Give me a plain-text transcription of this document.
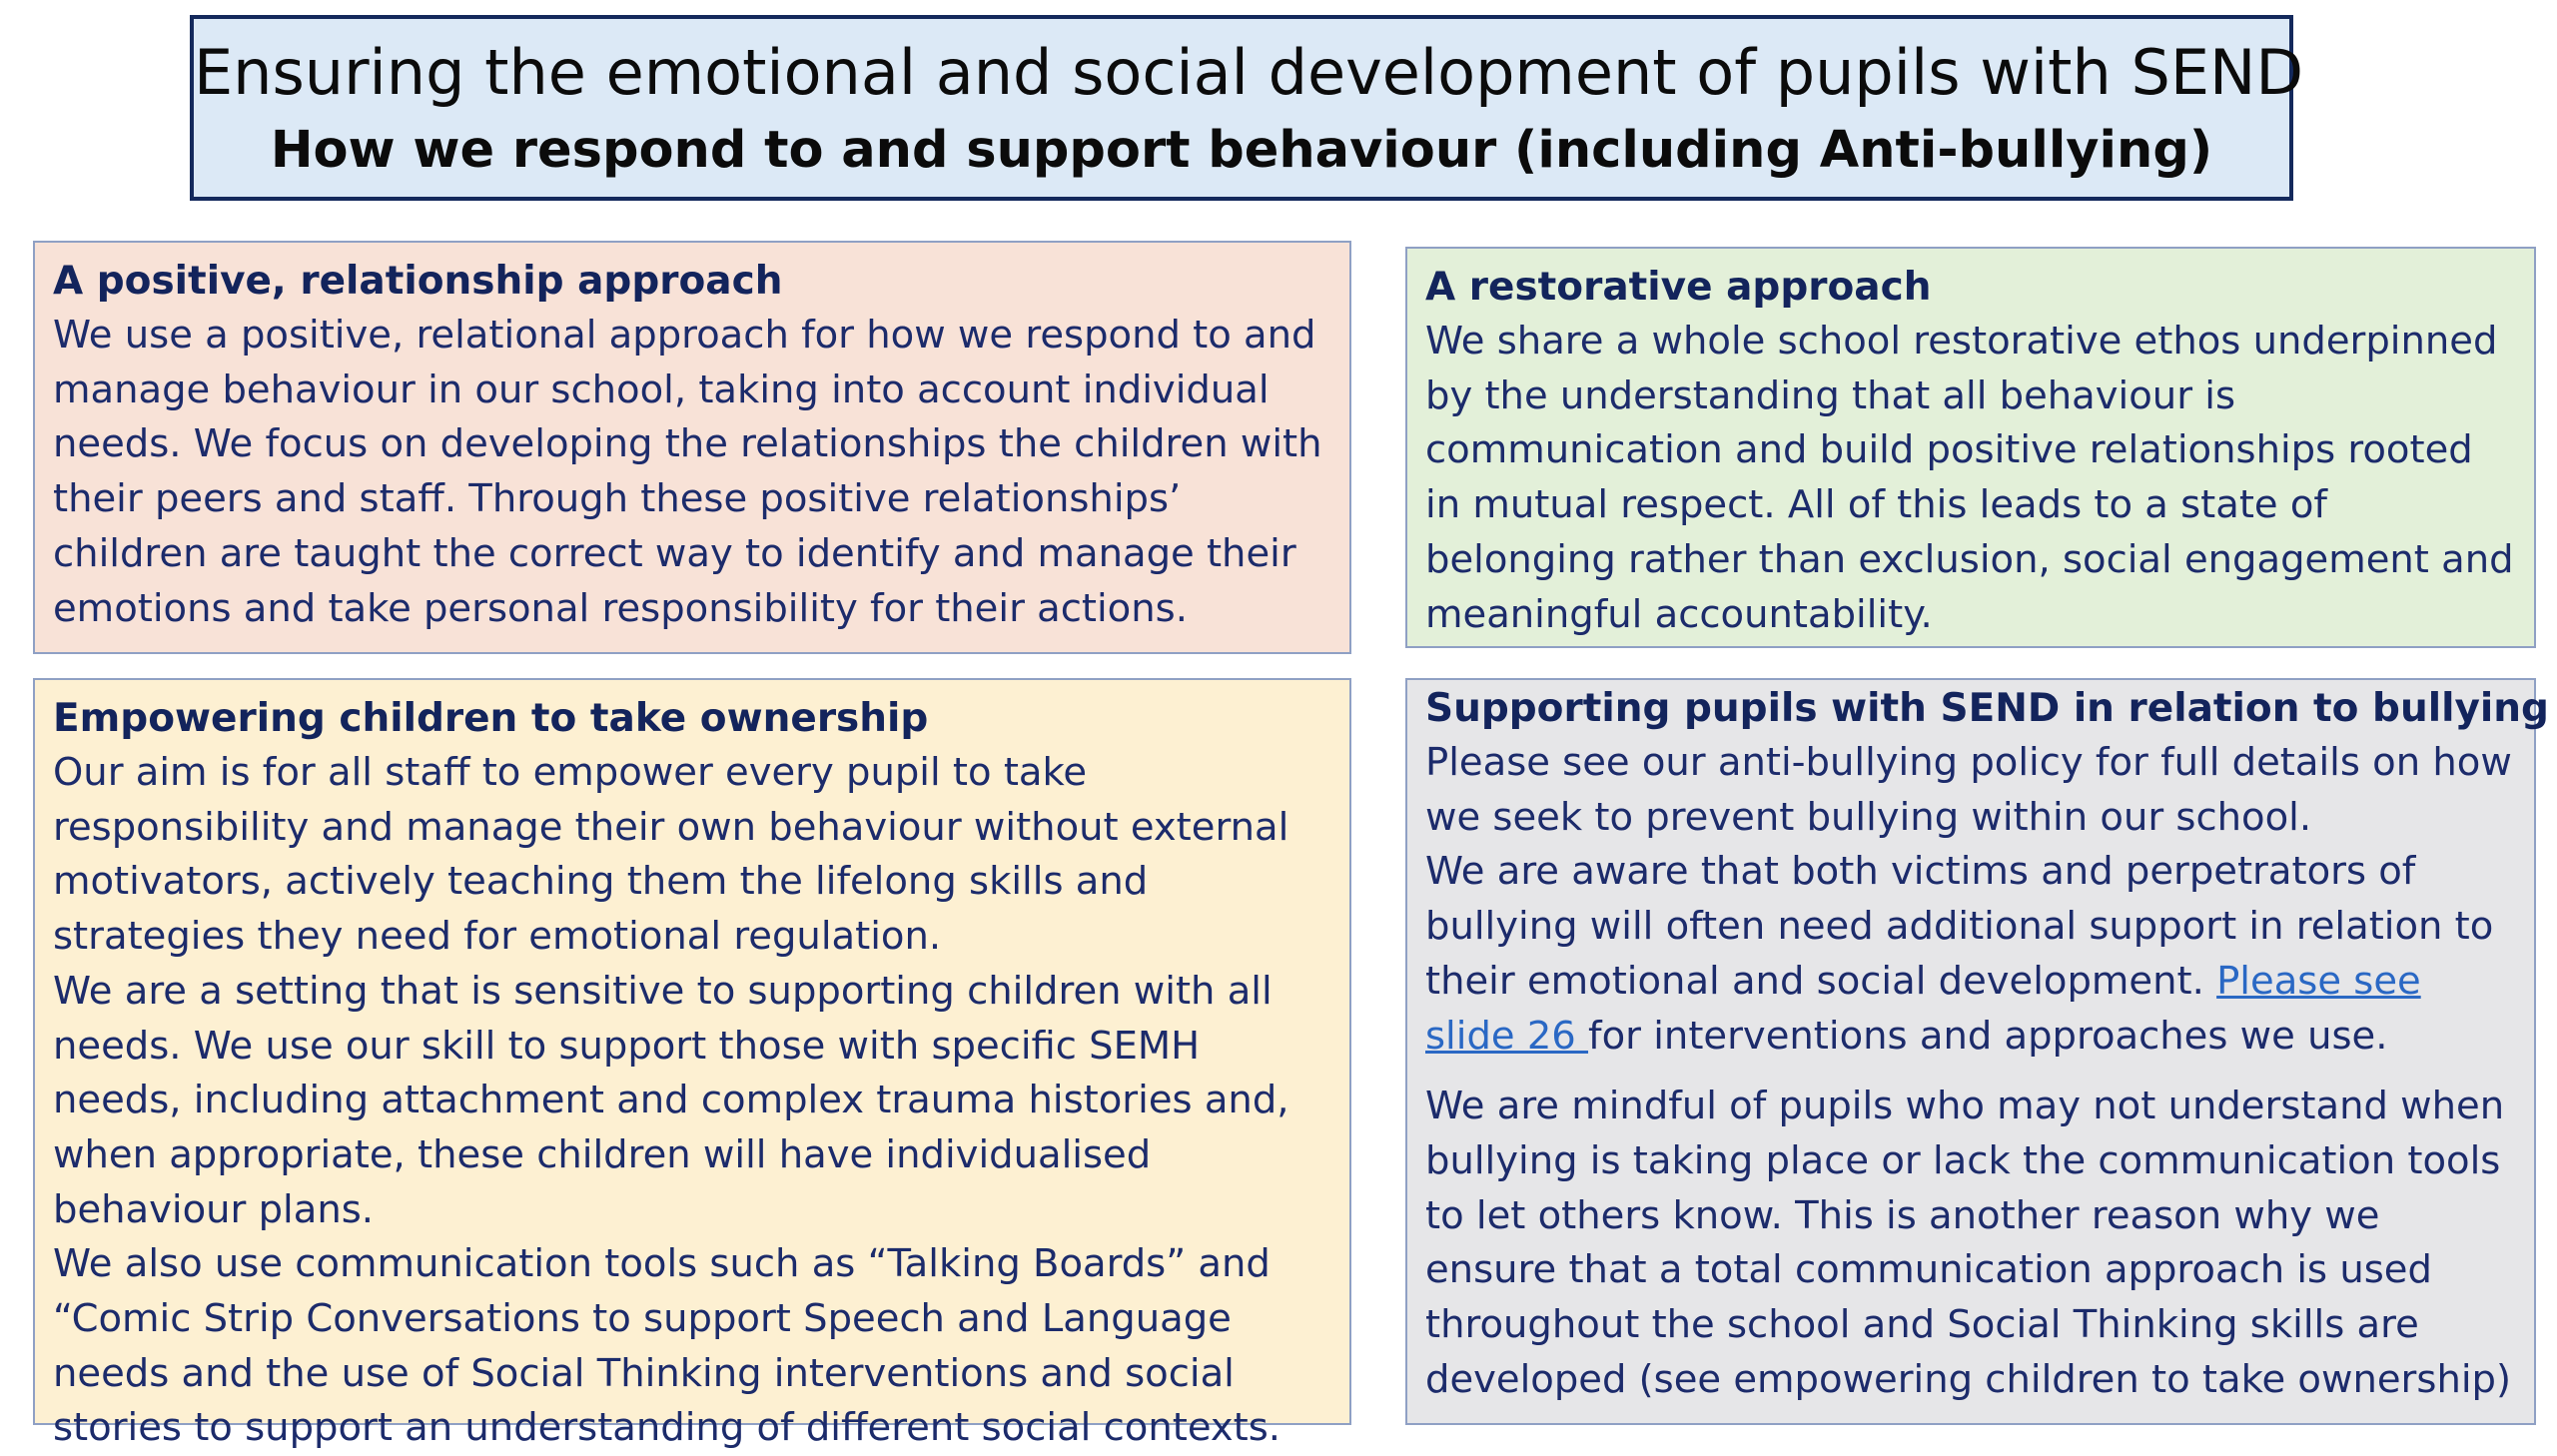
Ensuring the emotional and social development of pupils with SEND
How we respond to and support behaviour (including Anti-bullying)
A positive, relationship approach

We use a positive, relational approach for how we respond to and manage behaviour in our school, taking into account individual needs. We focus on developing the relationships the children with their peers and staff. Through these positive relationships’ children are taught the correct way to identify and manage their emotions and take personal responsibility for their actions.

A restorative approach

We share a whole school restorative ethos underpinned by the understanding that all behaviour is communication and build positive relationships rooted in mutual respect. All of this leads to a state of belonging rather than exclusion, social engagement and meaningful accountability.

Empowering children to take ownership

Our aim is for all staff to empower every pupil to take responsibility and manage their own behaviour without external motivators, actively teaching them the lifelong skills and strategies they need for emotional regulation.

We are a setting that is sensitive to supporting children with all needs. We use our skill to support those with specific SEMH needs, including attachment and complex trauma histories and, when appropriate, these children will have individualised behaviour plans.

We also use communication tools such as “Talking Boards” and “Comic Strip Conversations to support Speech and Language needs and the use of Social Thinking interventions and social stories to support an understanding of different social contexts.

Supporting pupils with SEND in relation to bullying

Please see our anti-bullying policy for full details on how we seek to prevent bullying within our school.

We are aware that both victims and perpetrators of bullying will often need additional support in relation to their emotional and social development. Please see slide 26 for interventions and approaches we use.

We are mindful of pupils who may not understand when bullying is taking place or lack the communication tools to let others know. This is another reason why we ensure that a total communication approach is used throughout the school and Social Thinking skills are developed (see empowering children to take ownership)
